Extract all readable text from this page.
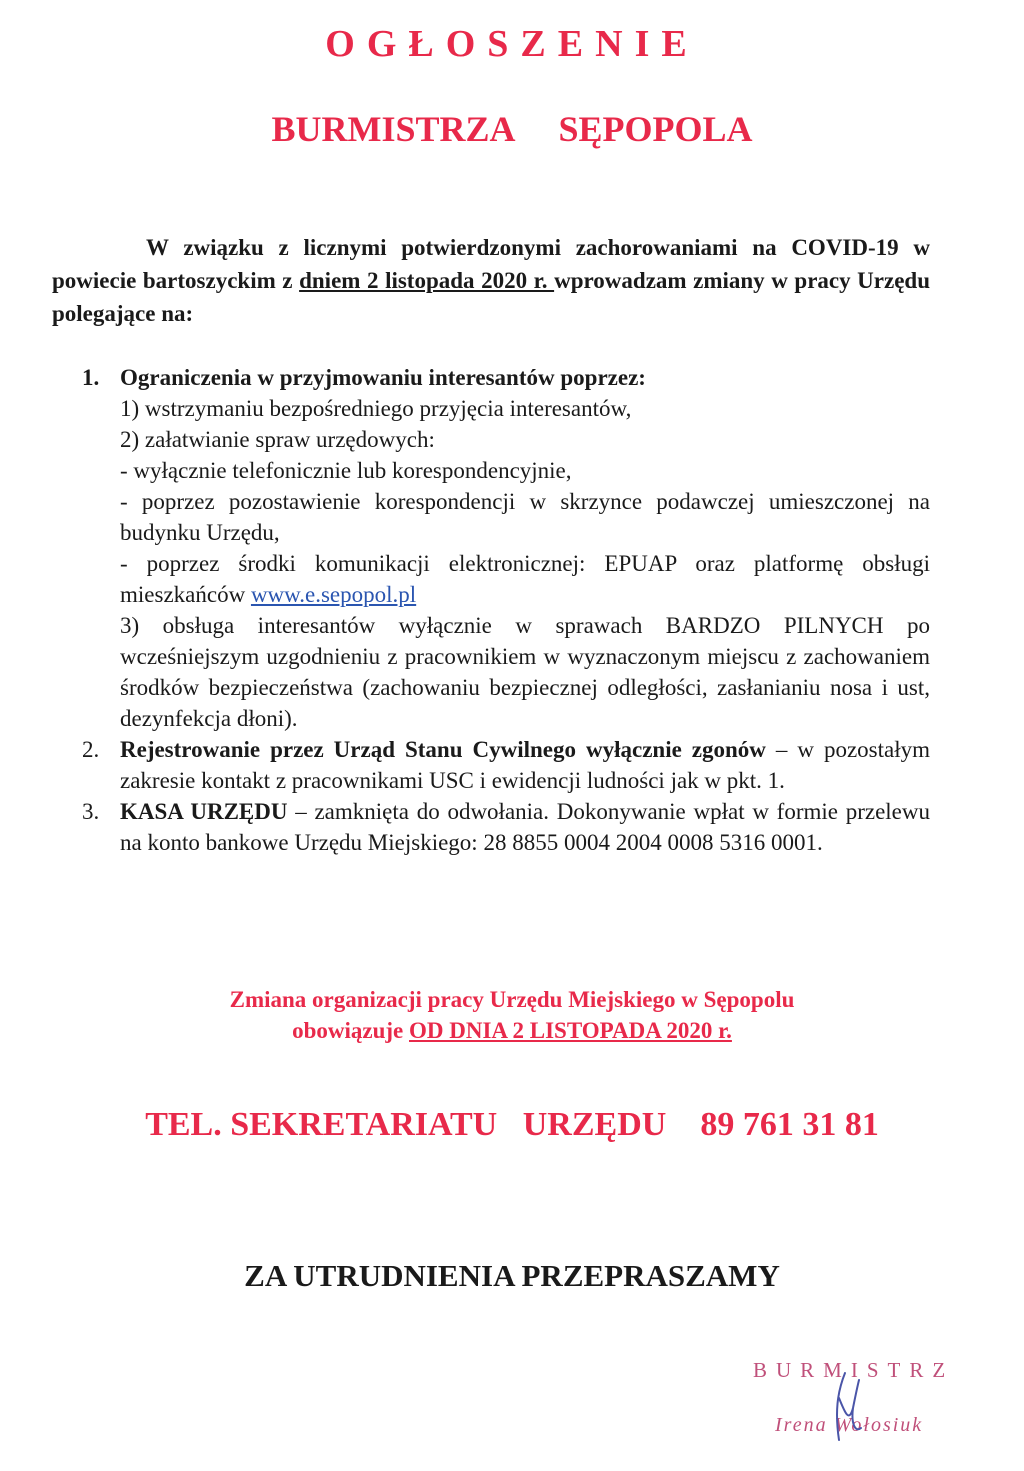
OGŁOSZENIE
BURMISTRZA SĘPOPOLA

W związku z licznymi potwierdzonymi zachorowaniami na COVID-19 w powiecie bartoszyckim z dniem 2 listopada 2020 r. wprowadzam zmiany w pracy Urzędu polegające na:

1. Ograniczenia w przyjmowaniu interesantów poprzez:
1) wstrzymaniu bezpośredniego przyjęcia interesantów,
2) załatwianie spraw urzędowych:
- wyłącznie telefonicznie lub korespondencyjnie,
- poprzez pozostawienie korespondencji w skrzynce podawczej umieszczonej na budynku Urzędu,
- poprzez środki komunikacji elektronicznej: EPUAP oraz platformę obsługi mieszkańców www.e.sepopol.pl
3) obsługa interesantów wyłącznie w sprawach BARDZO PILNYCH po wcześniejszym uzgodnieniu z pracownikiem w wyznaczonym miejscu z zachowaniem środków bezpieczeństwa (zachowaniu bezpiecznej odległości, zasłanianiu nosa i ust, dezynfekcja dłoni).
2. Rejestrowanie przez Urząd Stanu Cywilnego wyłącznie zgonów – w pozostałym zakresie kontakt z pracownikami USC i ewidencji ludności jak w pkt. 1.
3. KASA URZĘDU – zamknięta do odwołania. Dokonywanie wpłat w formie przelewu na konto bankowe Urzędu Miejskiego: 28 8855 0004 2004 0008 5316 0001.
Zmiana organizacji pracy Urzędu Miejskiego w Sępopolu
obowiązuje OD DNIA 2 LISTOPADA 2020 r.
TEL. SEKRETARIATU   URZĘDU 89 761 31 81
ZA UTRUDNIENIA PRZEPRASZAMY
BURMISTRZ
Irena Wołosiuk
